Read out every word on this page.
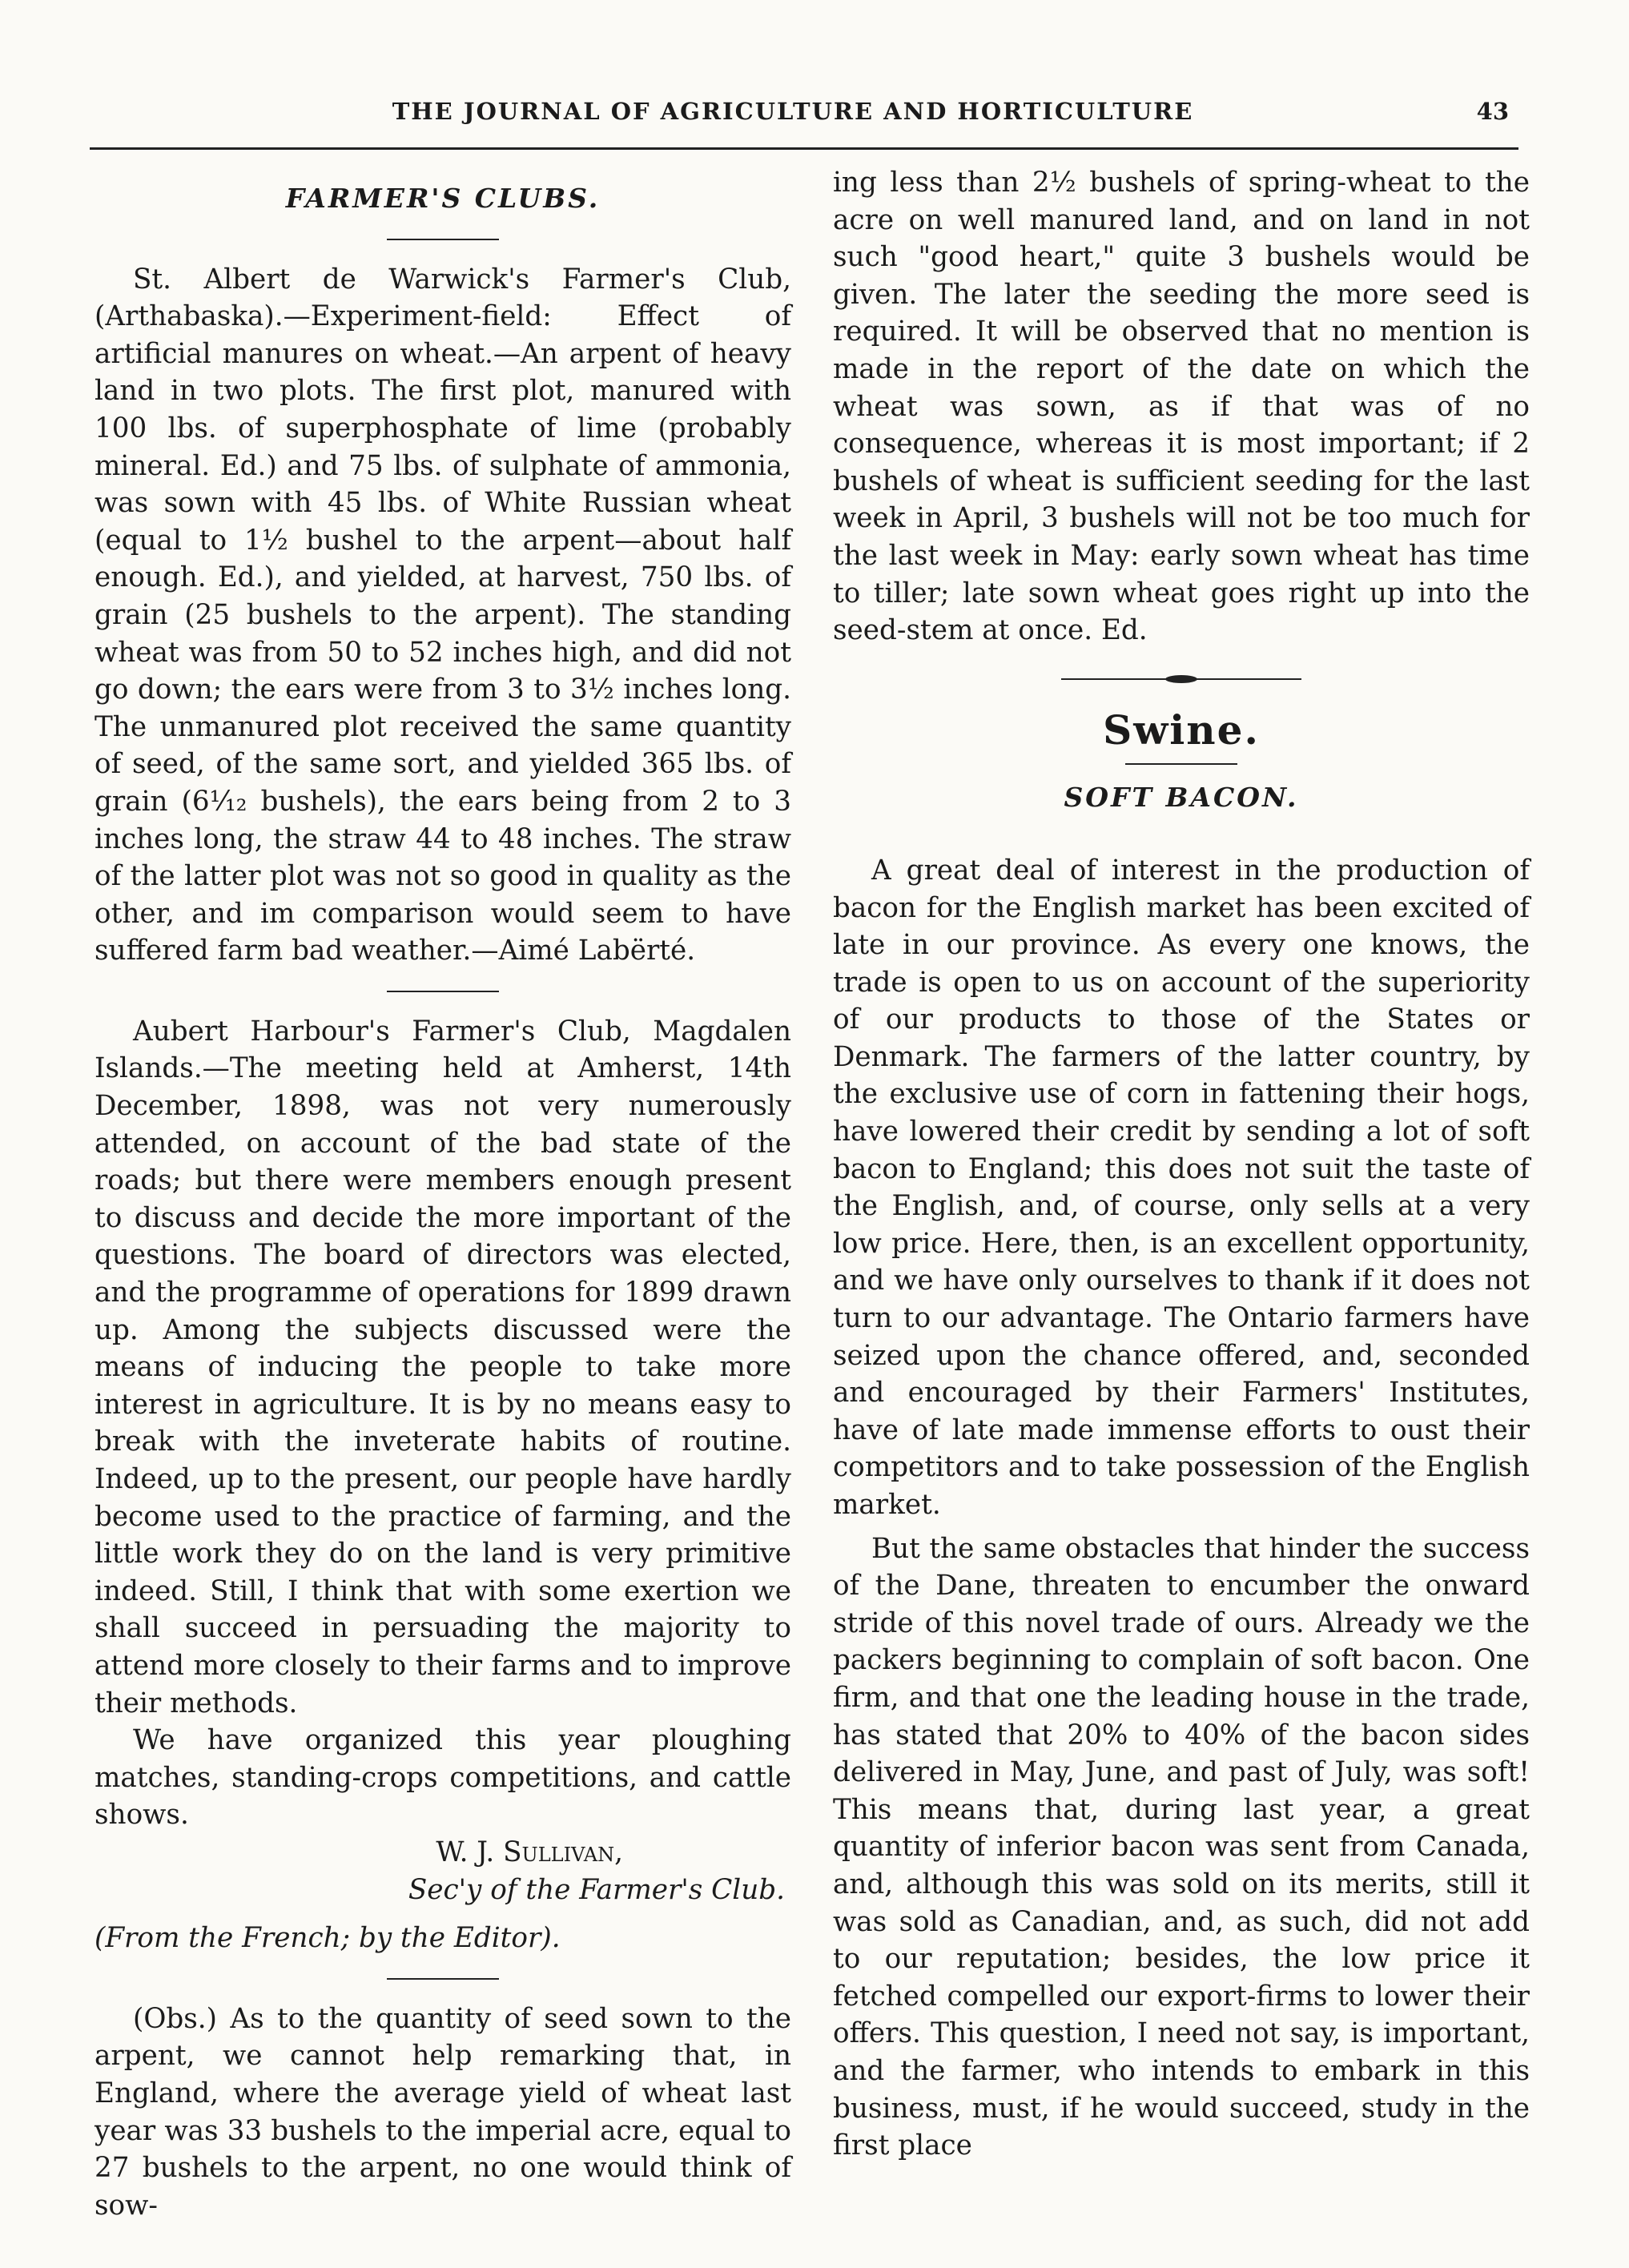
THE JOURNAL OF AGRICULTURE AND HORTICULTURE	43
FARMER'S CLUBS.

St. Albert de Warwick's Farmer's Club, (Arthabaska).—Experiment-field: Effect of artificial manures on wheat.—An arpent of heavy land in two plots. The first plot, manured with 100 lbs. of superphosphate of lime (probably mineral. Ed.) and 75 lbs. of sulphate of ammonia, was sown with 45 lbs. of White Russian wheat (equal to 1½ bushel to the arpent—about half enough. Ed.), and yielded, at harvest, 750 lbs. of grain (25 bushels to the arpent). The standing wheat was from 50 to 52 inches high, and did not go down; the ears were from 3 to 3½ inches long. The unmanured plot received the same quantity of seed, of the same sort, and yielded 365 lbs. of grain (6¹⁄₁₂ bushels), the ears being from 2 to 3 inches long, the straw 44 to 48 inches. The straw of the latter plot was not so good in quality as the other, and im comparison would seem to have suffered farm bad weather.—Aimé Labërté.

Aubert Harbour's Farmer's Club, Magdalen Islands.—The meeting held at Amherst, 14th December, 1898, was not very numerously attended, on account of the bad state of the roads; but there were members enough present to discuss and decide the more important of the questions. The board of directors was elected, and the programme of operations for 1899 drawn up. Among the subjects discussed were the means of inducing the people to take more interest in agriculture. It is by no means easy to break with the inveterate habits of routine. Indeed, up to the present, our people have hardly become used to the practice of farming, and the little work they do on the land is very primitive indeed. Still, I think that with some exertion we shall succeed in persuading the majority to attend more closely to their farms and to improve their methods.

We have organized this year ploughing matches, standing-crops competitions, and cattle shows.

W. J. Sullivan,

Sec'y of the Farmer's Club.

(From the French; by the Editor).

(Obs.) As to the quantity of seed sown to the arpent, we cannot help remarking that, in England, where the average yield of wheat last year was 33 bushels to the imperial acre, equal to 27 bushels to the arpent, no one would think of sow-

ing less than 2½ bushels of spring-wheat to the acre on well manured land, and on land in not such "good heart," quite 3 bushels would be given. The later the seeding the more seed is required. It will be observed that no mention is made in the report of the date on which the wheat was sown, as if that was of no consequence, whereas it is most important; if 2 bushels of wheat is sufficient seeding for the last week in April, 3 bushels will not be too much for the last week in May: early sown wheat has time to tiller; late sown wheat goes right up into the seed-stem at once. Ed.

Swine.
SOFT BACON.

A great deal of interest in the production of bacon for the English market has been excited of late in our province. As every one knows, the trade is open to us on account of the superiority of our products to those of the States or Denmark. The farmers of the latter country, by the exclusive use of corn in fattening their hogs, have lowered their credit by sending a lot of soft bacon to England; this does not suit the taste of the English, and, of course, only sells at a very low price. Here, then, is an excellent opportunity, and we have only ourselves to thank if it does not turn to our advantage. The Ontario farmers have seized upon the chance offered, and, seconded and encouraged by their Farmers' Institutes, have of late made immense efforts to oust their competitors and to take possession of the English market.

But the same obstacles that hinder the success of the Dane, threaten to encumber the onward stride of this novel trade of ours. Already we the packers beginning to complain of soft bacon. One firm, and that one the leading house in the trade, has stated that 20% to 40% of the bacon sides delivered in May, June, and past of July, was soft! This means that, during last year, a great quantity of inferior bacon was sent from Canada, and, although this was sold on its merits, still it was sold as Canadian, and, as such, did not add to our reputation; besides, the low price it fetched compelled our export-firms to lower their offers. This question, I need not say, is important, and the farmer, who intends to embark in this business, must, if he would succeed, study in the first place
